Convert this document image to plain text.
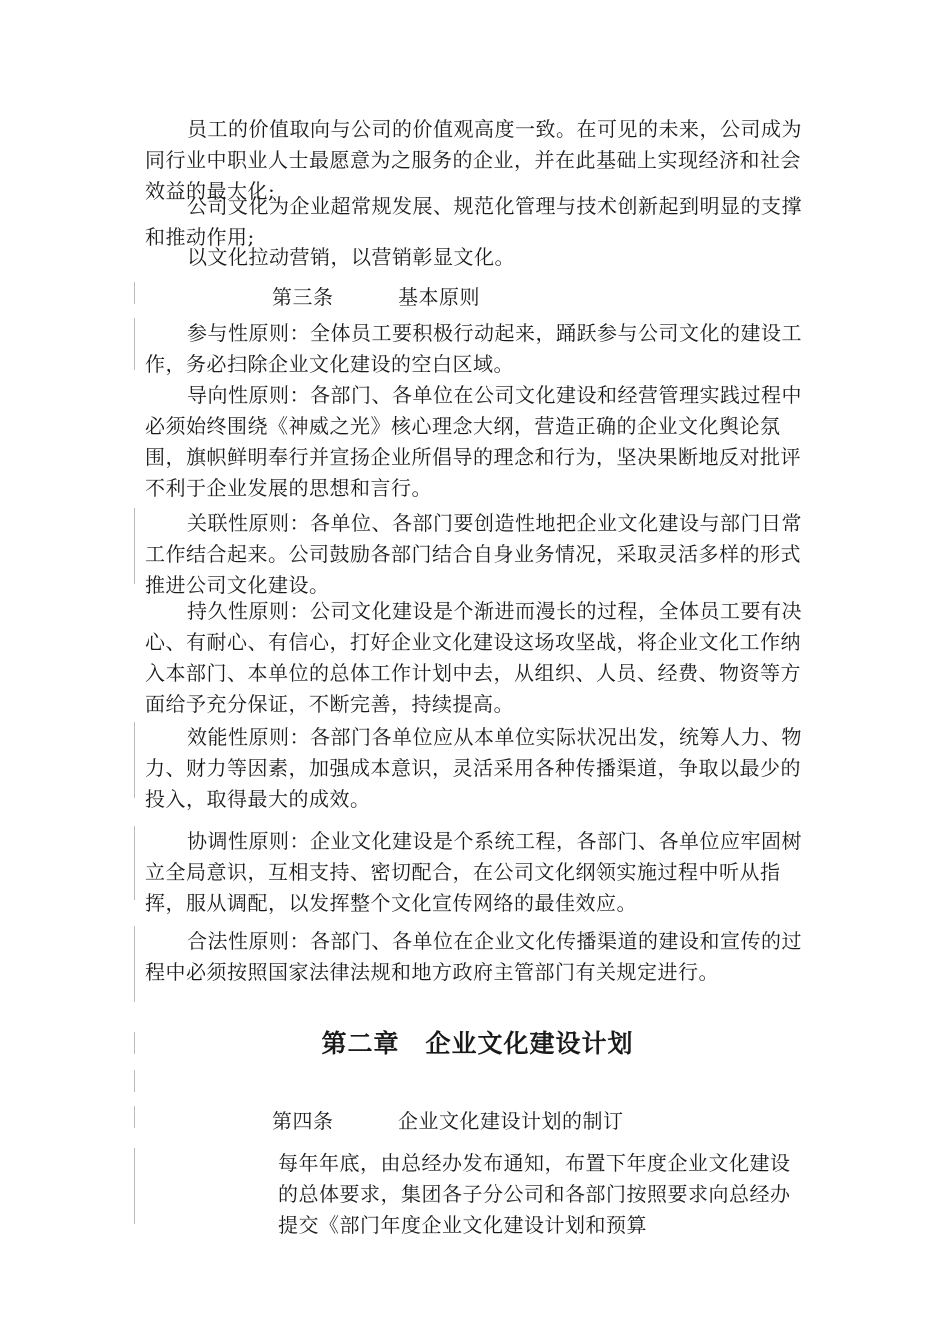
员工的价值取向与公司的价值观高度一致。在可见的未来，公司成为同行业中职业人士最愿意为之服务的企业，并在此基础上实现经济和社会效益的最大化;

公司文化为企业超常规发展、规范化管理与技术创新起到明显的支撑和推动作用;

以文化拉动营销，以营销彰显文化。

第三条	基本原则

参与性原则：全体员工要积极行动起来，踊跃参与公司文化的建设工作，务必扫除企业文化建设的空白区域。

导向性原则：各部门、各单位在公司文化建设和经营管理实践过程中必须始终围绕《神威之光》核心理念大纲，营造正确的企业文化舆论氛围，旗帜鲜明奉行并宣扬企业所倡导的理念和行为，坚决果断地反对批评不利于企业发展的思想和言行。

关联性原则：各单位、各部门要创造性地把企业文化建设与部门日常工作结合起来。公司鼓励各部门结合自身业务情况，采取灵活多样的形式推进公司文化建设。

持久性原则：公司文化建设是个渐进而漫长的过程，全体员工要有决心、有耐心、有信心，打好企业文化建设这场攻坚战，将企业文化工作纳入本部门、本单位的总体工作计划中去，从组织、人员、经费、物资等方面给予充分保证，不断完善，持续提高。

效能性原则：各部门各单位应从本单位实际状况出发，统筹人力、物力、财力等因素，加强成本意识，灵活采用各种传播渠道，争取以最少的投入，取得最大的成效。

协调性原则：企业文化建设是个系统工程，各部门、各单位应牢固树立全局意识，互相支持、密切配合，在公司文化纲领实施过程中听从指挥，服从调配，以发挥整个文化宣传网络的最佳效应。

合法性原则：各部门、各单位在企业文化传播渠道的建设和宣传的过程中必须按照国家法律法规和地方政府主管部门有关规定进行。

第二章 企业文化建设计划
第四条	企业文化建设计划的制订

每年年底，由总经办发布通知，布置下年度企业文化建设的总体要求，集团各子分公司和各部门按照要求向总经办提交《部门年度企业文化建设计划和预算
